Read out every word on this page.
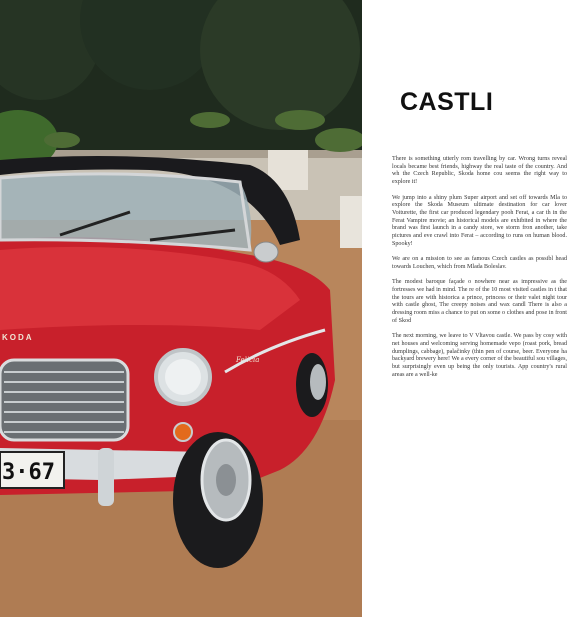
3·67
KODA
Felicia
CASTLI

There is something utterly rom travelling by car. Wrong turns reveal locals became best friends, highway the real taste of the country. And wh the Czech Republic, Skoda home cou seems the right way to explore it!

We jump into a shiny plum Super airport and set off towards Mla to explore the Skoda Museum ultimate destination for car lover Voiturette, the first car produced legendary pooh Ferat, a car th in the Ferat Vampire movie; an historical models are exhibited in where the brand was first launch in a candy store, we storm fron another, take pictures and eve crawl into Ferat – according to runs on human blood. Spooky!

We are on a mission to see as famous Czech castles as possibl head towards Louchen, which from Mlada Boleslav.

The modest baroque façade o nowhere near as impressive as the fortresses we had in mind. The re of the 10 most visited castles in t that the tours are with historica a prince, princess or their valet night tour with castle ghost, The creepy noises and wax candl There is also a dressing room miss a chance to put on some o clothes and pose in front of Skod

The next morning, we leave to V Vltavou castle. We pass by cosy with net houses and welcoming serving homemade vepo (roast pork, bread dumplings, cabbage), palačinky (thin pen of course, beer. Everyone ha backyard brewery here! We a every corner of the beautiful sou villages, but surprisingly even up being the only tourists. App country's rural areas are a well-ke
